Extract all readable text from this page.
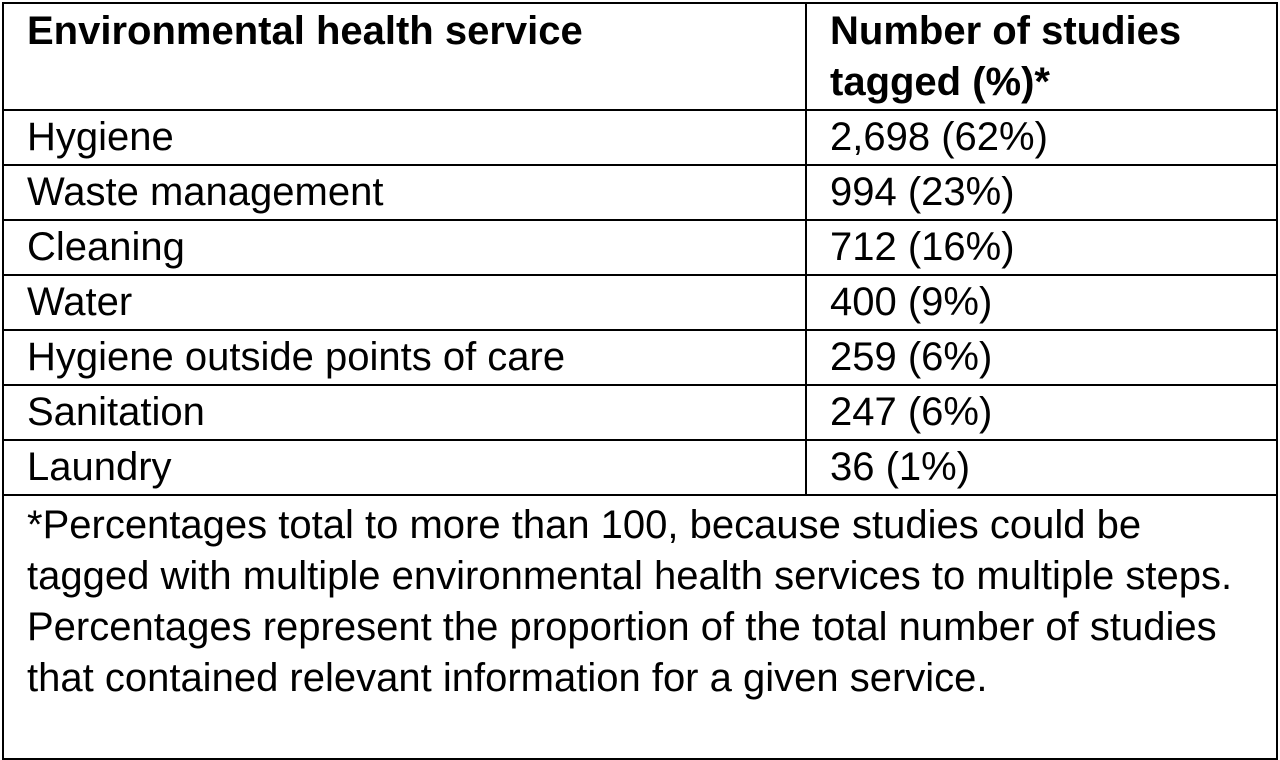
Environmental health service	Number of studies tagged (%)*
Hygiene	2,698 (62%)
Waste management	994 (23%)
Cleaning	712 (16%)
Water	400 (9%)
Hygiene outside points of care	259 (6%)
Sanitation	247 (6%)
Laundry	36 (1%)
*Percentages total to more than 100, because studies could be tagged with multiple environmental health services to multiple steps. Percentages represent the proportion of the total number of studies that contained relevant information for a given service.	
